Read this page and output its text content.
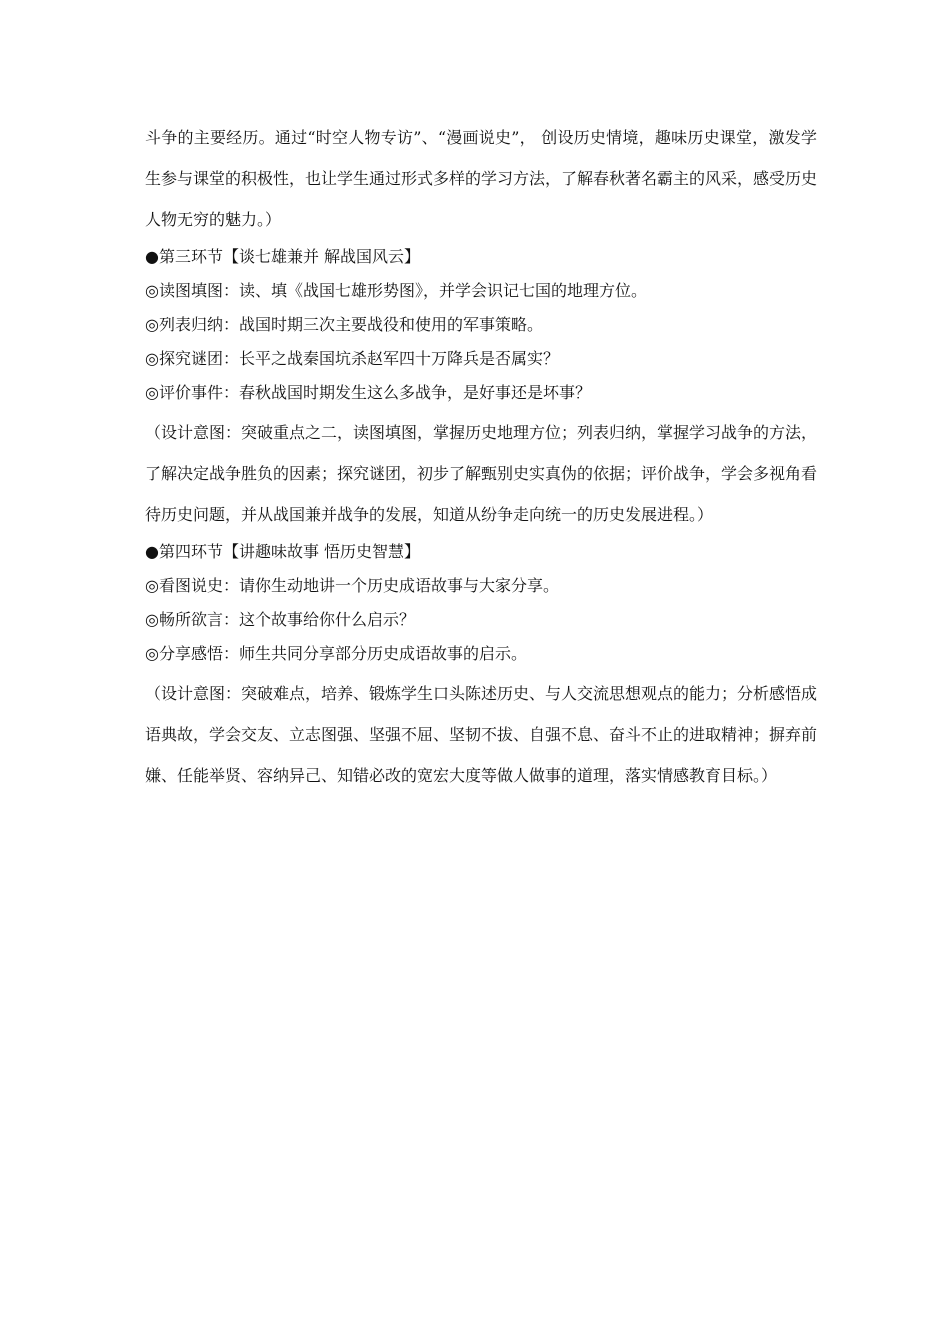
斗争的主要经历。通过“时空人物专访”、“漫画说史”， 创设历史情境，趣味历史课堂，激发学生参与课堂的积极性，也让学生通过形式多样的学习方法，了解春秋著名霸主的风采，感受历史人物无穷的魅力。）

●第三环节【谈七雄兼并 解战国风云】

◎读图填图：读、填《战国七雄形势图》，并学会识记七国的地理方位。

◎列表归纳：战国时期三次主要战役和使用的军事策略。

◎探究谜团：长平之战秦国坑杀赵军四十万降兵是否属实？

◎评价事件：春秋战国时期发生这么多战争，是好事还是坏事？

（设计意图：突破重点之二，读图填图，掌握历史地理方位；列表归纳，掌握学习战争的方法，了解决定战争胜负的因素；探究谜团，初步了解甄别史实真伪的依据；评价战争，学会多视角看待历史问题，并从战国兼并战争的发展，知道从纷争走向统一的历史发展进程。）

●第四环节【讲趣味故事 悟历史智慧】

◎看图说史：请你生动地讲一个历史成语故事与大家分享。

◎畅所欲言：这个故事给你什么启示？

◎分享感悟：师生共同分享部分历史成语故事的启示。

（设计意图：突破难点，培养、锻炼学生口头陈述历史、与人交流思想观点的能力；分析感悟成语典故，学会交友、立志图强、坚强不屈、坚韧不拔、自强不息、奋斗不止的进取精神；摒弃前嫌、任能举贤、容纳异己、知错必改的宽宏大度等做人做事的道理，落实情感教育目标。）
